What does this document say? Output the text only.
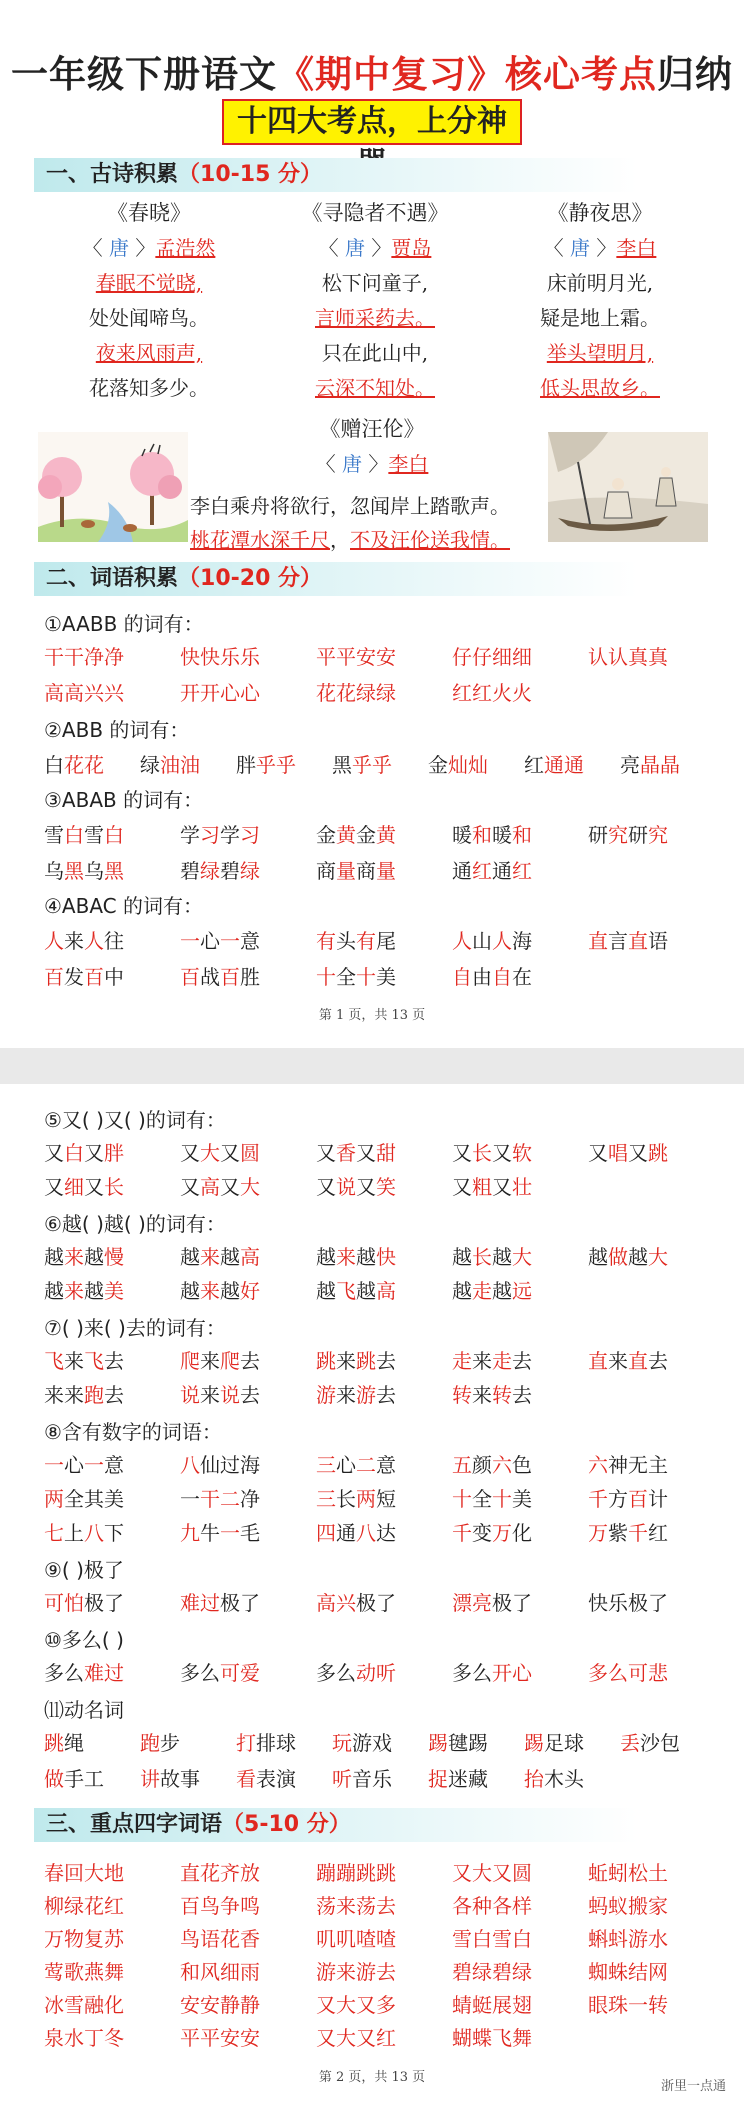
一年级下册语文《期中复习》核心考点归纳
十四大考点，上分神
一、古诗积累（10-15 分）
《春晓》
〈 唐 〉孟浩然
春眠不觉晓,
处处闻啼鸟。
夜来风雨声,
花落知多少。
《寻隐者不遇》
〈 唐 〉贾岛
松下问童子,
言师采药去。
只在此山中,
云深不知处。
《静夜思》
〈 唐 〉李白
床前明月光,
疑是地上霜。
举头望明月,
低头思故乡。
《赠汪伦》
〈 唐 〉李白
李白乘舟将欲行，忽闻岸上踏歌声。
桃花潭水深千尺，不及汪伦送我情。
二、词语积累（10-20 分）
①AABB 的词有：
干干净净	快快乐乐	平平安安	仔仔细细	认认真真
高高兴兴	开开心心	花花绿绿	红红火火
②ABB 的词有：
白花花 绿油油 胖乎乎 黑乎乎 金灿灿 红通通 亮晶晶
③ABAB 的词有：
雪白雪白	学习学习	金黄金黄	暖和暖和	研究研究
乌黑乌黑	碧绿碧绿	商量商量	通红通红
④ABAC 的词有：
人来人往	一心一意	有头有尾	人山人海	直言直语
百发百中	百战百胜	十全十美	自由自在
第 1 页，共 13 页
⑤又( )又( )的词有：
又白又胖	又大又圆	又香又甜	又长又软	又唱又跳
又细又长	又高又大	又说又笑	又粗又壮
⑥越( )越( )的词有：
越来越慢	越来越高	越来越快	越长越大	越做越大
越来越美	越来越好	越飞越高	越走越远
⑦( )来( )去的词有：
飞来飞去	爬来爬去	跳来跳去	走来走去	直来直去
来来跑去	说来说去	游来游去	转来转去
⑧含有数字的词语：
一心一意	八仙过海	三心二意	五颜六色	六神无主
两全其美	一干二净	三长两短	十全十美	千方百计
七上八下	九牛一毛	四通八达	千变万化	万紫千红
⑨( )极了
可怕极了	难过极了	高兴极了	漂亮极了	快乐极了
⑩多么( )
多么难过	多么可爱	多么动听	多么开心	多么可悲
⑾动名词
跳绳	跑步	打排球 玩游戏 踢毽踢 踢足球 丢沙包
做手工 讲故事 看表演 听音乐 捉迷藏 抬木头
三、重点四字词语（5-10 分）
春回大地	直花齐放	蹦蹦跳跳	又大又圆	蚯蚓松土
柳绿花红	百鸟争鸣	荡来荡去	各种各样	蚂蚁搬家
万物复苏	鸟语花香	叽叽喳喳	雪白雪白	蝌蚪游水
莺歌燕舞	和风细雨	游来游去	碧绿碧绿	蜘蛛结网
冰雪融化	安安静静	又大又多	蜻蜓展翅	眼珠一转
泉水丁冬	平平安安	又大又红	蝴蝶飞舞
第 2 页，共 13 页
浙里一点通
